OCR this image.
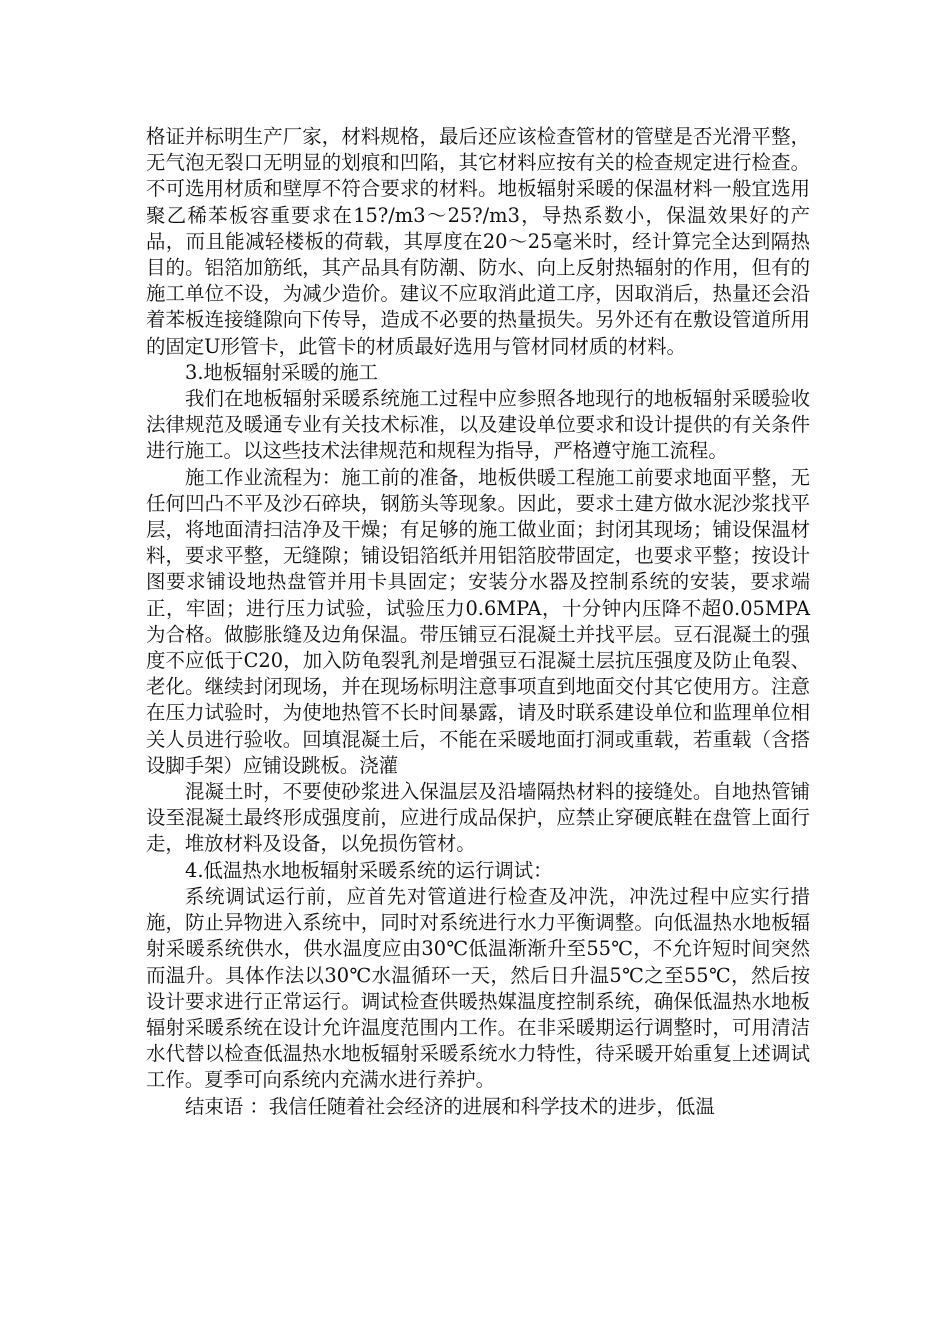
格证并标明生产厂家，材料规格，最后还应该检查管材的管壁是否光滑平整，无气泡无裂口无明显的划痕和凹陷，其它材料应按有关的检查规定进行检查。不可选用材质和壁厚不符合要求的材料。地板辐射采暖的保温材料一般宜选用聚乙稀苯板容重要求在15?/m3～25?/m3，导热系数小，保温效果好的产品，而且能减轻楼板的荷载，其厚度在20～25毫米时，经计算完全达到隔热目的。铝箔加筋纸，其产品具有防潮、防水、向上反射热辐射的作用，但有的施工单位不设，为减少造价。建议不应取消此道工序，因取消后，热量还会沿着苯板连接缝隙向下传导，造成不必要的热量损失。另外还有在敷设管道所用的固定U形管卡，此管卡的材质最好选用与管材同材质的材料。

3.地板辐射采暖的施工

我们在地板辐射采暖系统施工过程中应参照各地现行的地板辐射采暖验收法律规范及暖通专业有关技术标准，以及建设单位要求和设计提供的有关条件进行施工。以这些技术法律规范和规程为指导，严格遵守施工流程。

施工作业流程为：施工前的准备，地板供暖工程施工前要求地面平整，无任何凹凸不平及沙石碎块，钢筋头等现象。因此，要求土建方做水泥沙浆找平层，将地面清扫洁净及干燥；有足够的施工做业面；封闭其现场；铺设保温材料，要求平整，无缝隙；铺设铝箔纸并用铝箔胶带固定，也要求平整；按设计图要求铺设地热盘管并用卡具固定；安装分水器及控制系统的安装，要求端正，牢固；进行压力试验，试验压力0.6MPA，十分钟内压降不超0.05MPA为合格。做膨胀缝及边角保温。带压铺豆石混凝土并找平层。豆石混凝土的强度不应低于C20，加入防龟裂乳剂是增强豆石混凝土层抗压强度及防止龟裂、老化。继续封闭现场，并在现场标明注意事项直到地面交付其它使用方。注意在压力试验时，为使地热管不长时间暴露，请及时联系建设单位和监理单位相关人员进行验收。回填混凝土后，不能在采暖地面打洞或重载，若重载（含搭设脚手架）应铺设跳板。浇灌

混凝土时，不要使砂浆进入保温层及沿墙隔热材料的接缝处。自地热管铺设至混凝土最终形成强度前，应进行成品保护，应禁止穿硬底鞋在盘管上面行走，堆放材料及设备，以免损伤管材。

4.低温热水地板辐射采暖系统的运行调试：

系统调试运行前，应首先对管道进行检查及冲洗，冲洗过程中应实行措施，防止异物进入系统中，同时对系统进行水力平衡调整。向低温热水地板辐射采暖系统供水，供水温度应由30℃低温渐渐升至55℃，不允许短时间突然而温升。具体作法以30℃水温循环一天，然后日升温5℃之至55℃，然后按设计要求进行正常运行。调试检查供暖热媒温度控制系统，确保低温热水地板辐射采暖系统在设计允许温度范围内工作。在非采暖期运行调整时，可用清洁水代替以检查低温热水地板辐射采暖系统水力特性，待采暖开始重复上述调试工作。夏季可向系统内充满水进行养护。

结束语 ：我信任随着社会经济的进展和科学技术的进步，低温
